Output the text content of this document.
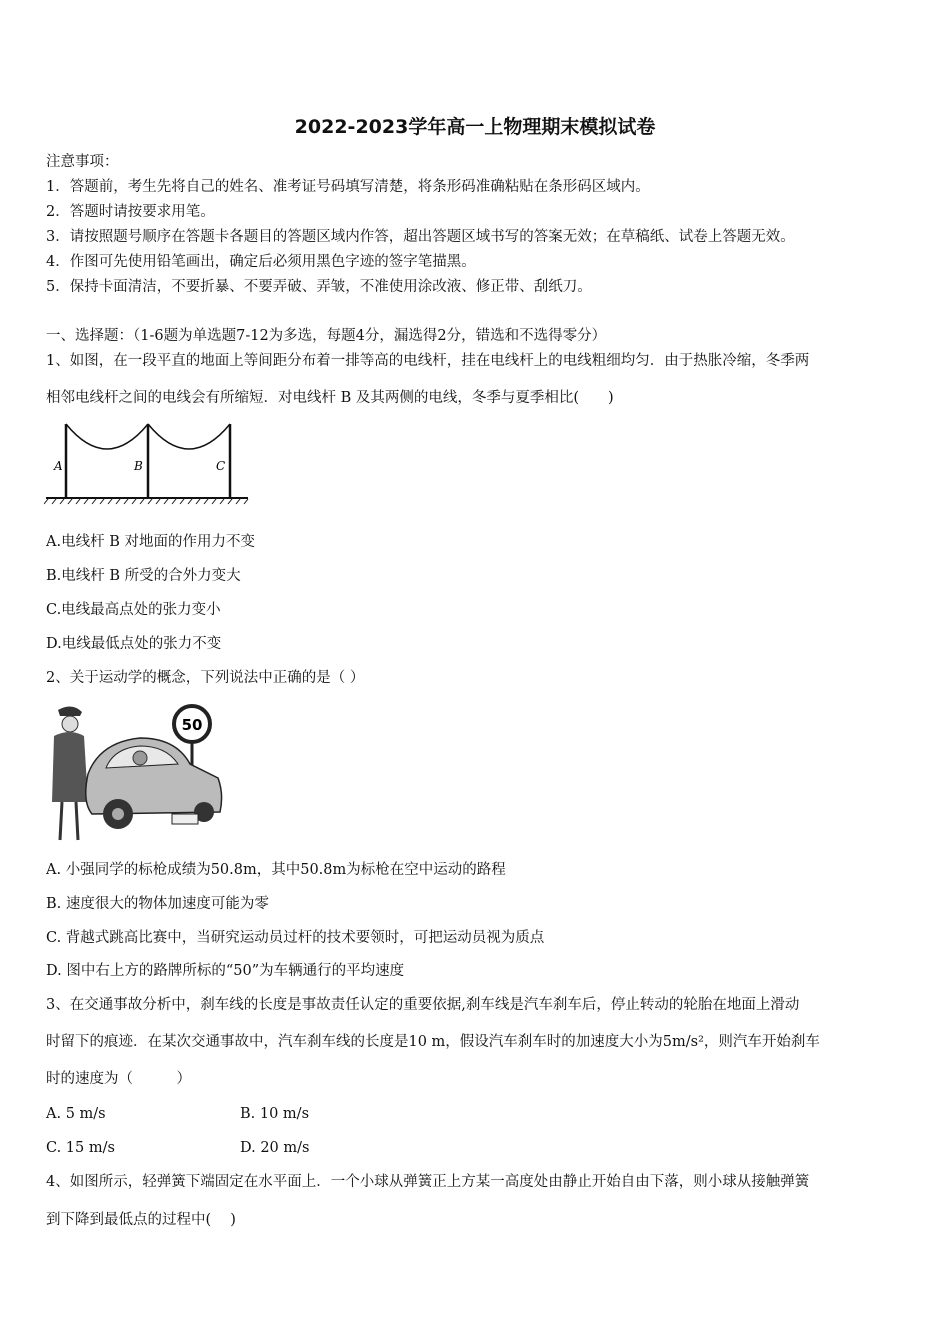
2022-2023学年高一上物理期末模拟试卷
注意事项：
1．答题前，考生先将自己的姓名、准考证号码填写清楚，将条形码准确粘贴在条形码区域内。
2．答题时请按要求用笔。
3．请按照题号顺序在答题卡各题目的答题区域内作答，超出答题区域书写的答案无效；在草稿纸、试卷上答题无效。
4．作图可先使用铅笔画出，确定后必须用黑色字迹的签字笔描黑。
5．保持卡面清洁，不要折暴、不要弄破、弄皱，不准使用涂改液、修正带、刮纸刀。
一、选择题：（1-6题为单选题7-12为多选，每题4分，漏选得2分，错选和不选得零分）
1、如图，在一段平直的地面上等间距分布着一排等高的电线杆，挂在电线杆上的电线粗细均匀．由于热胀冷缩，冬季两
相邻电线杆之间的电线会有所缩短．对电线杆 B 及其两侧的电线，冬季与夏季相比(　　)
A	B	C
A.电线杆 B 对地面的作用力不变
B.电线杆 B 所受的合外力变大
C.电线最高点处的张力变小
D.电线最低点处的张力不变
2、关于运动学的概念，下列说法中正确的是（ ）
50
A. 小强同学的标枪成绩为50.8m，其中50.8m为标枪在空中运动的路程
B. 速度很大的物体加速度可能为零
C. 背越式跳高比赛中，当研究运动员过杆的技术要领时，可把运动员视为质点
D. 图中右上方的路牌所标的“50”为车辆通行的平均速度
3、在交通事故分析中，刹车线的长度是事故责任认定的重要依据,刹车线是汽车刹车后，停止转动的轮胎在地面上滑动
时留下的痕迹．在某次交通事故中，汽车刹车线的长度是10 m，假设汽车刹车时的加速度大小为5m/s²，则汽车开始刹车
时的速度为（　　　）
A. 5 m/s	B. 10 m/s
C. 15 m/s	D. 20 m/s
4、如图所示，轻弹簧下端固定在水平面上．一个小球从弹簧正上方某一高度处由静止开始自由下落，则小球从接触弹簧
到下降到最低点的过程中(　 )
